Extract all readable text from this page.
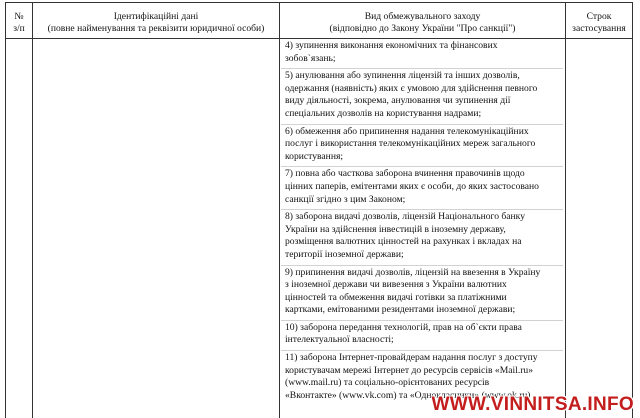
№
з/п
Ідентифікаційні дані
(повне найменування та реквізити юридичної особи)
Вид обмежувального заходу
(відповідно до Закону України "Про санкції")
Строк
застосування

4) зупинення виконання економічних та фінансових

зобов`язань;

5) анулювання або зупинення ліцензій та інших дозволів,

одержання (наявність) яких є умовою для здійснення певного

виду діяльності, зокрема, анулювання чи зупинення дії

спеціальних дозволів на користування надрами;

6) обмеження або припинення надання телекомунікаційних

послуг і використання телекомунікаційних мереж загального

користування;

7) повна або часткова заборона вчинення правочинів щодо

цінних паперів, емітентами яких є особи, до яких застосовано

санкції згідно з цим Законом;

8) заборона видачі дозволів, ліцензій Національного банку

України на здійснення інвестицій в іноземну державу,

розміщення валютних цінностей на рахунках і вкладах на

території іноземної держави;

9) припинення видачі дозволів, ліцензій на ввезення в Україну

з іноземної держави чи вивезення з України валютних

цінностей та обмеження видачі готівки за платіжними

картками, емітованими резидентами іноземної держави;

10) заборона передання технологій, прав на об`єкти права

інтелектуальної власності;

11) заборона Інтернет-провайдерам надання послуг з доступу

користувачам мережі Інтернет до ресурсів сервісів «Mail.ru»

(www.mail.ru) та соціально-орієнтованих ресурсів

«Вконтакте» (www.vk.com) та «Однокласники» (www.ok.ru)

WWW.VINNITSA.INFO
